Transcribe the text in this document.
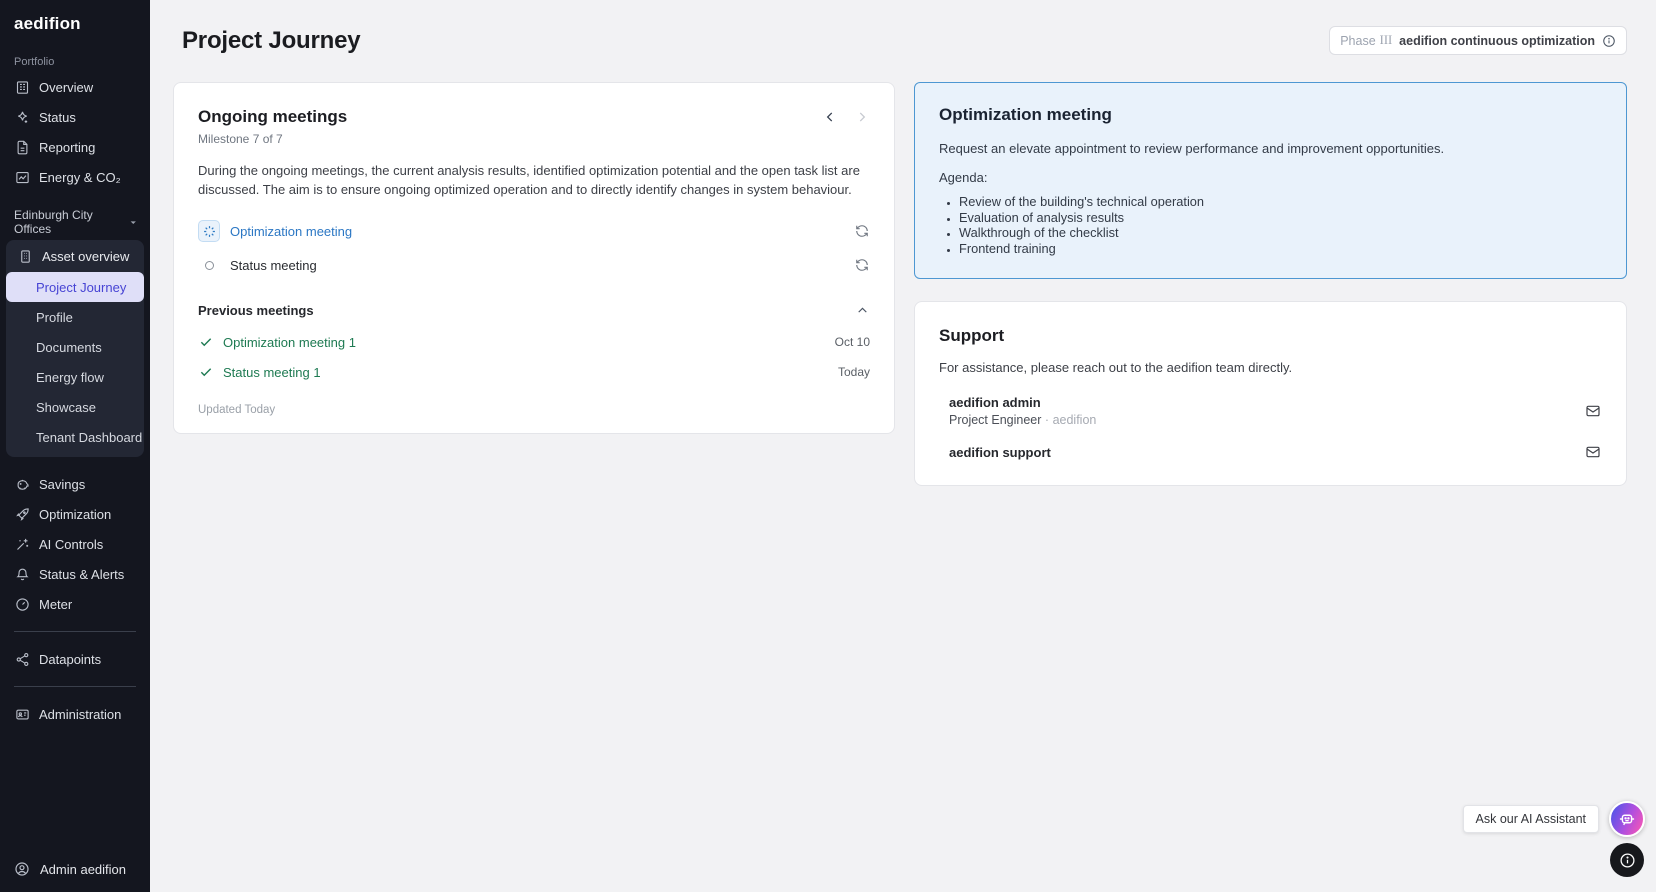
aedifion
Portfolio
Overview
Status
Reporting
Energy & CO₂
Edinburgh City Offices
Asset overview
Project Journey
Profile
Documents
Energy flow
Showcase
Tenant Dashboard
Savings
Optimization
AI Controls
Status & Alerts
Meter
Datapoints
Administration
Admin aedifion
Project Journey	Phase III aedifion continuous optimization
Ongoing meetings
Milestone 7 of 7

During the ongoing meetings, the current analysis results, identified optimization potential and the open task list are discussed. The aim is to ensure ongoing optimized operation and to directly identify changes in system behaviour.

Optimization meeting
Status meeting
Previous meetings
Optimization meeting 1	Oct 10
Status meeting 1	Today
Updated Today
Optimization meeting

Request an elevate appointment to review performance and improvement opportunities.

Agenda:
• Review of the building's technical operation
• Evaluation of analysis results
• Walkthrough of the checklist
• Frontend training
Support

For assistance, please reach out to the aedifion team directly.

aedifion admin
Project Engineer · aedifion
aedifion support
Ask our AI Assistant
